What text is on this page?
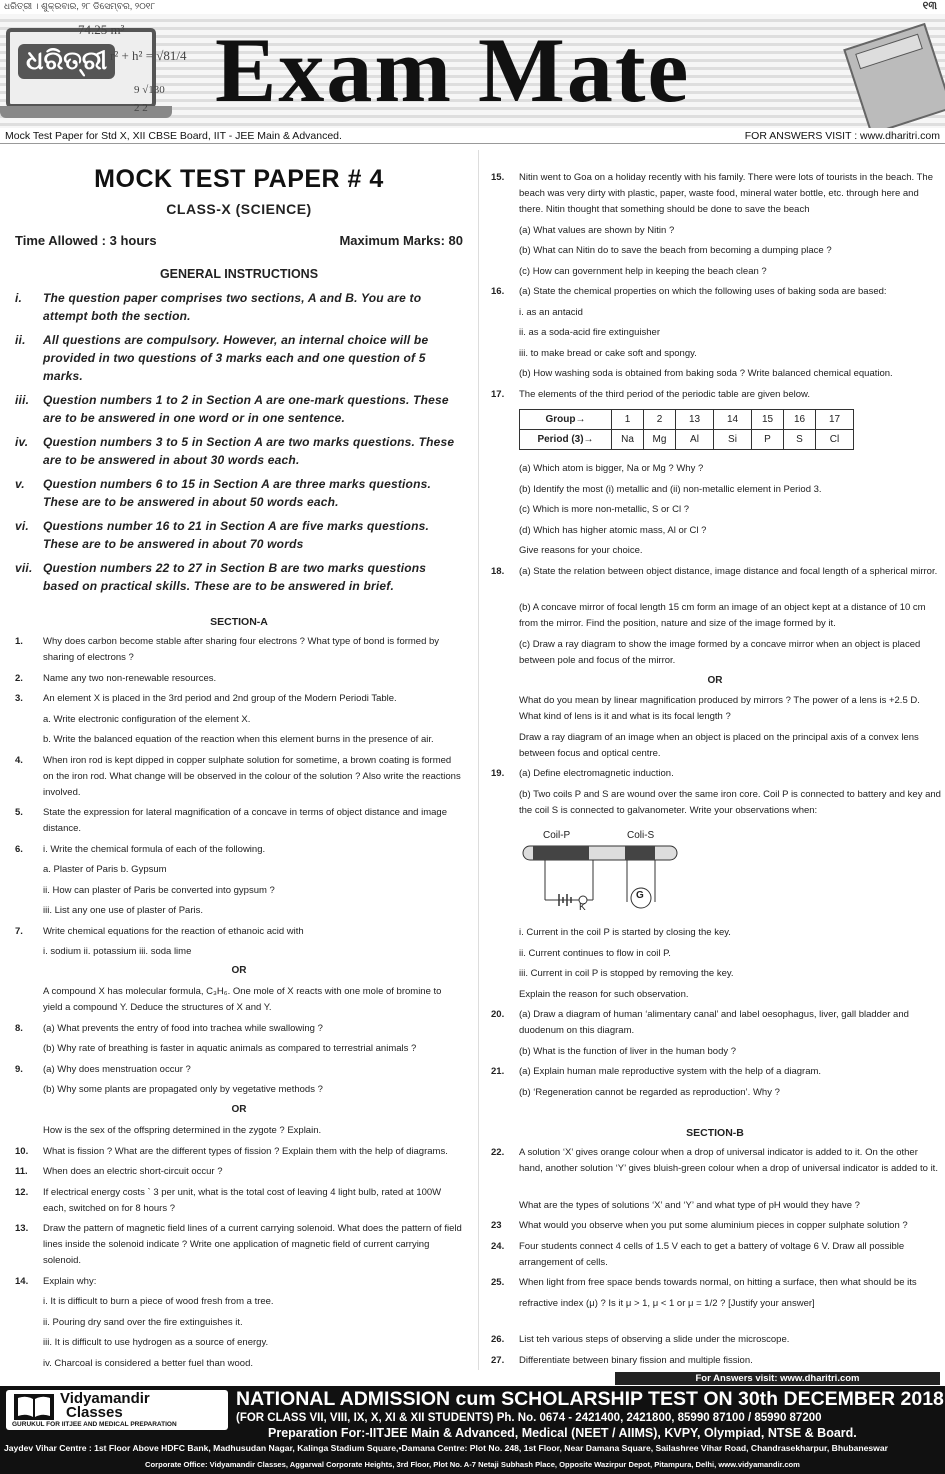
ଧରିତ୍ରୀ । ଶୁକ୍ରବାର, ୨୮ ଡିସେମ୍ବର, ୨୦୧୮	୧୩
ଧରିତ୍ରୀ
74.25 m³
r² + h² = √81/4
9 √130
2 2 Exam Mate
Mock Test Paper for Std X, XII CBSE Board, IIT - JEE Main & Advanced.	FOR ANSWERS VISIT : www.dharitri.com
MOCK TEST PAPER # 4
CLASS-X (SCIENCE)
Time Allowed : 3 hours	Maximum Marks: 80
GENERAL INSTRUCTIONS
i. The question paper comprises two sections, A and B. You are to attempt both the section.
ii. All questions are compulsory. However, an internal choice will be provided in two questions of 3 marks each and one question of 5 marks.
iii. Question numbers 1 to 2 in Section A are one-mark questions. These are to be answered in one word or in one sentence.
iv. Question numbers 3 to 5 in Section A are two marks questions. These are to be answered in about 30 words each.
v. Question numbers 6 to 15 in Section A are three marks questions. These are to be answered in about 50 words each.
vi. Questions number 16 to 21 in Section A are five marks questions. These are to be answered in about 70 words
vii. Question numbers 22 to 27 in Section B are two marks questions based on practical skills. These are to be answered in brief.
SECTION-A
1. Why does carbon become stable after sharing four electrons ? What type of bond is formed by sharing of electrons ?
2. Name any two non-renewable resources.
3. An element X is placed in the 3rd period and 2nd group of the Modern Periodi Table.
a. Write electronic configuration of the element X.
b. Write the balanced equation of the reaction when this element burns in the presence of air.
4. When iron rod is kept dipped in copper sulphate solution for sometime, a brown coating is formed on the iron rod. What change will be observed in the colour of the solution ? Also write the reactions involved.
5. State the expression for lateral magnification of a concave in terms of object distance and image distance.
6. i. Write the chemical formula of each of the following.
a. Plaster of Paris b. Gypsum
ii. How can plaster of Paris be converted into gypsum ?
iii. List any one use of plaster of Paris.
7. Write chemical equations for the reaction of ethanoic acid with
i. sodium ii. potassium iii. soda lime
OR
A compound X has molecular formula, C₃H₆. One mole of X reacts with one mole of bromine to yield a compound Y. Deduce the structures of X and Y.
8. (a) What prevents the entry of food into trachea while swallowing ?
(b) Why rate of breathing is faster in aquatic animals as compared to terrestrial animals ?
9. (a) Why does menstruation occur ?
(b) Why some plants are propagated only by vegetative methods ?
OR
How is the sex of the offspring determined in the zygote ? Explain.
10. What is fission ? What are the different types of fission ? Explain them with the help of diagrams.
11. When does an electric short-circuit occur ?
12. If electrical energy costs ` 3 per unit, what is the total cost of leaving 4 light bulb, rated at 100W each, switched on for 8 hours ?
13. Draw the pattern of magnetic field lines of a current carrying solenoid. What does the pattern of field lines inside the solenoid indicate ? Write one application of magnetic field of current carrying solenoid.
14. Explain why:
i. It is difficult to burn a piece of wood fresh from a tree.
ii. Pouring dry sand over the fire extinguishes it.
iii. It is difficult to use hydrogen as a source of energy.
iv. Charcoal is considered a better fuel than wood.
15. Nitin went to Goa on a holiday recently with his family. There were lots of tourists in the beach. The beach was very dirty with plastic, paper, waste food, mineral water bottle, etc. through here and there. Nitin thought that something should be done to save the beach
(a) What values are shown by Nitin ?
(b) What can Nitin do to save the beach from becoming a dumping place ?
(c) How can government help in keeping the beach clean ?
16. (a) State the chemical properties on which the following uses of baking soda are based:
i. as an antacid
ii. as a soda-acid fire extinguisher
iii. to make bread or cake soft and spongy.
(b) How washing soda is obtained from baking soda ? Write balanced chemical equation.
17. The elements of the third period of the periodic table are given below.
Group→	1	2	13	14	15	16	17
Period (3)→	Na	Mg	Al	Si	P	S	Cl
(a) Which atom is bigger, Na or Mg ? Why ?
(b) Identify the most (i) metallic and (ii) non-metallic element in Period 3.
(c) Which is more non-metallic, S or Cl ?
(d) Which has higher atomic mass, Al or Cl ?
Give reasons for your choice.
18. (a) State the relation between object distance, image distance and focal length of a spherical mirror.
(b) A concave mirror of focal length 15 cm form an image of an object kept at a distance of 10 cm from the mirror. Find the position, nature and size of the image formed by it.
(c) Draw a ray diagram to show the image formed by a concave mirror when an object is placed between pole and focus of the mirror.
OR
What do you mean by linear magnification produced by mirrors ? The power of a lens is +2.5 D. What kind of lens is it and what is its focal length ?
Draw a ray diagram of an image when an object is placed on the principal axis of a convex lens between focus and optical centre.
19. (a) Define electromagnetic induction.
(b) Two coils P and S are wound over the same iron core. Coil P is connected to battery and key and the coil S is connected to galvanometer. Write your observations when:
Coil-P	Coli-S
K
G
i. Current in the coil P is started by closing the key.
ii. Current continues to flow in coil P.
iii. Current in coil P is stopped by removing the key.
Explain the reason for such observation.
20. (a) Draw a diagram of human ‘alimentary canal’ and label oesophagus, liver, gall bladder and duodenum on this diagram.
(b) What is the function of liver in the human body ?
21. (a) Explain human male reproductive system with the help of a diagram.
(b) ‘Regeneration cannot be regarded as reproduction’. Why ?
SECTION-B
22. A solution ‘X’ gives orange colour when a drop of universal indicator is added to it. On the other hand, another solution ‘Y’ gives bluish-green colour when a drop of universal indicator is added to it.
What are the types of solutions ‘X’ and ‘Y’ and what type of pH would they have ?
23 What would you observe when you put some aluminium pieces in copper sulphate solution ?
24. Four students connect 4 cells of 1.5 V each to get a battery of voltage 6 V. Draw all possible arrangement of cells.
25. When light from free space bends towards normal, on hitting a surface, then what should be its
refractive index (μ) ? Is it μ > 1, μ < 1 or μ = 1/2 ? [Justify your answer]
26. List teh various steps of observing a slide under the microscope.
27. Differentiate between binary fission and multiple fission.
For Answers visit: www.dharitri.com
Vidyamandir
Classes
GURUKUL FOR IITJEE AND MEDICAL PREPARATION
NATIONAL ADMISSION cum SCHOLARSHIP TEST ON 30th DECEMBER 2018
(FOR CLASS VII, VIII, IX, X, XI & XII STUDENTS) Ph. No. 0674 - 2421400, 2421800, 85990 87100 / 85990 87200
Preparation For:-IITJEE Main & Advanced, Medical (NEET / AIIMS), KVPY, Olympiad, NTSE & Board.
Jaydev Vihar Centre : 1st Floor Above HDFC Bank, Madhusudan Nagar, Kalinga Stadium Square,•Damana Centre: Plot No. 248, 1st Floor, Near Damana Square, Sailashree Vihar Road, Chandrasekharpur, Bhubaneswar
Corporate Office: Vidyamandir Classes, Aggarwal Corporate Heights, 3rd Floor, Plot No. A-7 Netaji Subhash Place, Opposite Wazirpur Depot, Pitampura, Delhi, www.vidyamandir.com
